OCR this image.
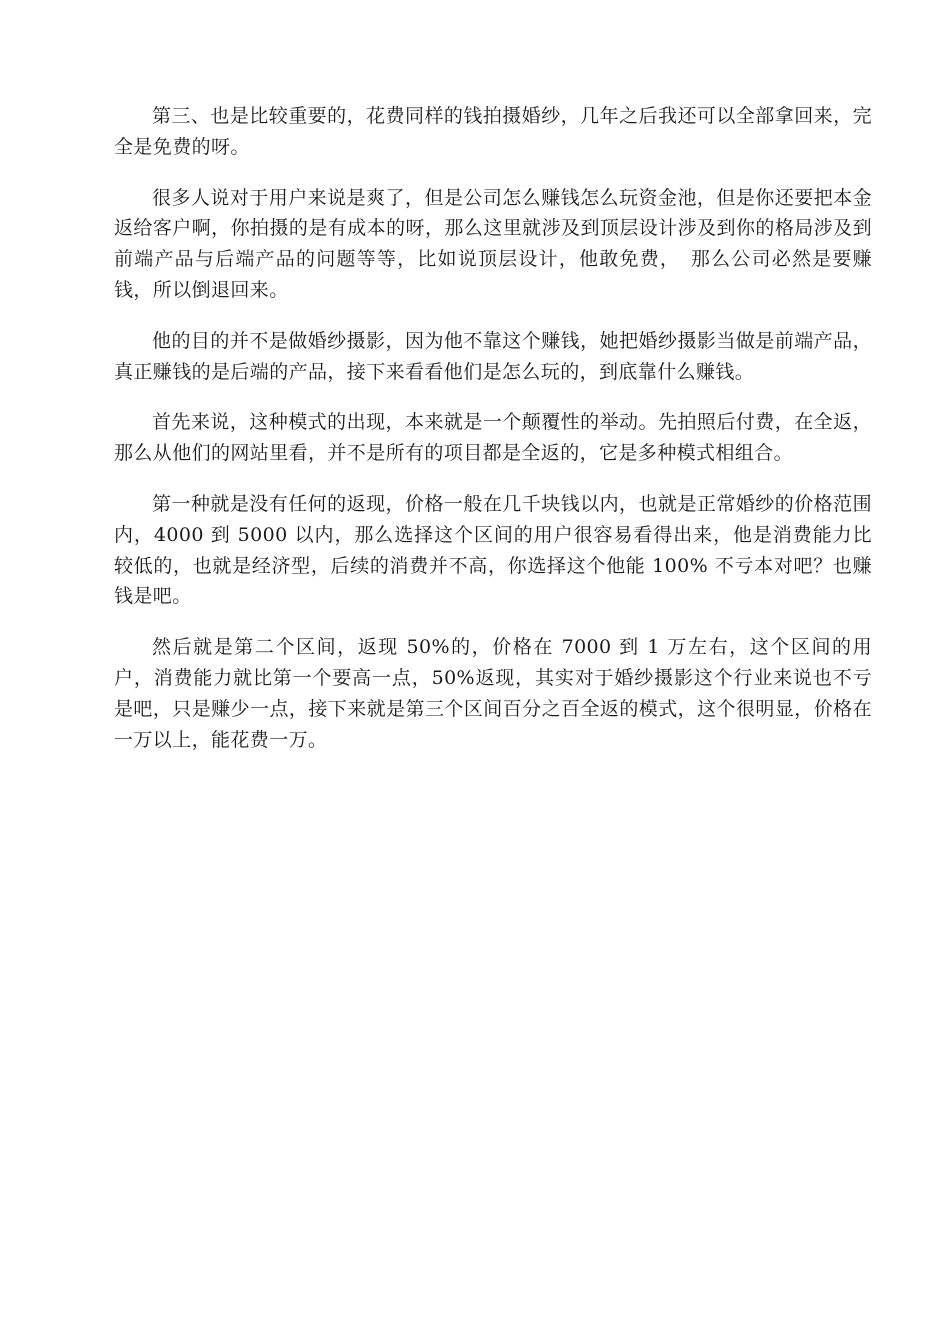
第三、也是比较重要的，花费同样的钱拍摄婚纱，几年之后我还可以全部拿回来，完全是免费的呀。

很多人说对于用户来说是爽了，但是公司怎么赚钱怎么玩资金池，但是你还要把本金返给客户啊，你拍摄的是有成本的呀，那么这里就涉及到顶层设计涉及到你的格局涉及到前端产品与后端产品的问题等等，比如说顶层设计，他敢免费，　那么公司必然是要赚钱，所以倒退回来。

他的目的并不是做婚纱摄影，因为他不靠这个赚钱，她把婚纱摄影当做是前端产品，真正赚钱的是后端的产品，接下来看看他们是怎么玩的，到底靠什么赚钱。

首先来说，这种模式的出现，本来就是一个颠覆性的举动。先拍照后付费，在全返，那么从他们的网站里看，并不是所有的项目都是全返的，它是多种模式相组合。

第一种就是没有任何的返现，价格一般在几千块钱以内，也就是正常婚纱的价格范围内，4000 到 5000 以内，那么选择这个区间的用户很容易看得出来，他是消费能力比较低的，也就是经济型，后续的消费并不高，你选择这个他能 100% 不亏本对吧？也赚钱是吧。

然后就是第二个区间，返现 50%的，价格在 7000 到 1 万左右，这个区间的用户，消费能力就比第一个要高一点，50%返现，其实对于婚纱摄影这个行业来说也不亏是吧，只是赚少一点，接下来就是第三个区间百分之百全返的模式，这个很明显，价格在一万以上，能花费一万。
